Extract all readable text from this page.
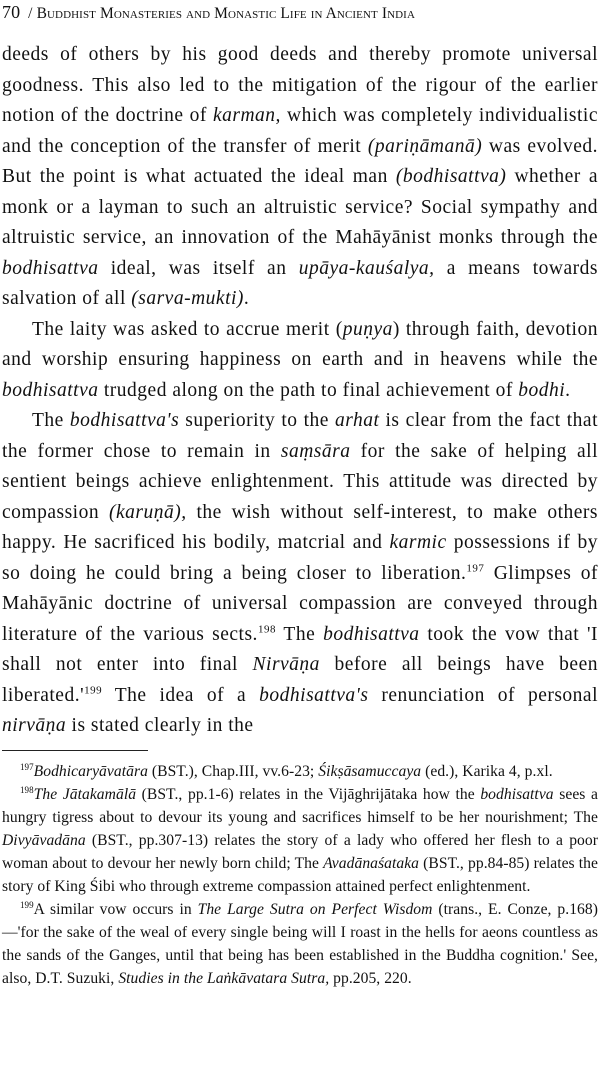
70 / Buddhist Monasteries and Monastic Life in Ancient India

deeds of others by his good deeds and thereby promote universal goodness. This also led to the mitigation of the rigour of the earlier notion of the doctrine of karman, which was completely individualistic and the conception of the transfer of merit (pariṇāmanā) was evolved. But the point is what actuated the ideal man (bodhisattva) whether a monk or a layman to such an altruistic service? Social sympathy and altruistic service, an innovation of the Mahāyānist monks through the bodhisattva ideal, was itself an upāya-kauśalya, a means towards salvation of all (sarva-mukti).

The laity was asked to accrue merit (puṇya) through faith, devotion and worship ensuring happiness on earth and in heavens while the bodhisattva trudged along on the path to final achievement of bodhi.

The bodhisattva's superiority to the arhat is clear from the fact that the former chose to remain in saṃsāra for the sake of helping all sentient beings achieve enlightenment. This attitude was directed by compassion (karuṇā), the wish without self-interest, to make others happy. He sacrificed his bodily, matcrial and karmic possessions if by so doing he could bring a being closer to liberation.$^{197}$ Glimpses of Mahāyānic doctrine of universal compassion are conveyed through literature of the various sects.$^{198}$ The bodhisattva took the vow that 'I shall not enter into final Nirvāṇa before all beings have been $liberated.'^{199}$ The idea of a bodhisattva's renunciation of personal nirvāṇa is stated clearly in the

$^{197}$Bodhicaryāvatāra (BST.), Chap.III, vv.6-23; Śikṣāsamuccaya (ed.), Karika 4, p.xl.

$^{198}$The Jātakamālā (BST., pp.1-6) relates in the Vijāghrijātaka how the bodhisattva sees a hungry tigress about to devour its young and sacrifices himself to be her nourishment; The Divyāvadāna (BST., pp.307-13) relates the story of a lady who offered her flesh to a poor woman about to devour her newly born child; The Avadānaśataka (BST., pp.84-85) relates the story of King Śibi who through extreme compassion attained perfect enlightenment.

$^{199}$A similar vow occurs in The Large Sutra on Perfect Wisdom (trans., E. Conze, p.168)—'for the sake of the weal of every single being will I roast in the hells for aeons countless as the sands of the Ganges, until that being has been established in the Buddha cognition.' See, also, D.T. Suzuki, Studies in the Laṅkāvatara Sutra, pp.205, 220.
